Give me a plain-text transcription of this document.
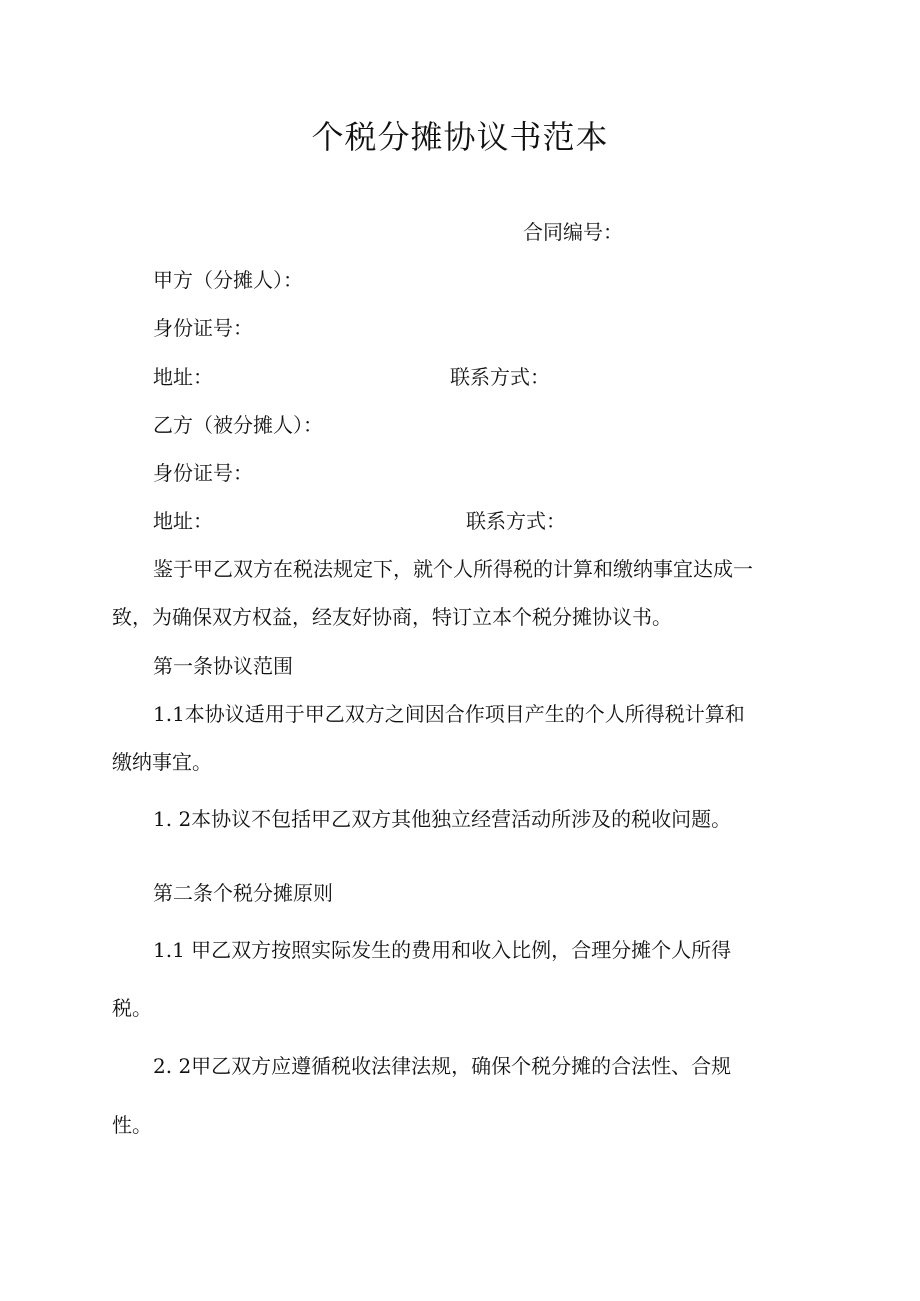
个税分摊协议书范本

合同编号：

甲方（分摊人）：

身份证号：

地址：	联系方式：

乙方（被分摊人）：

身份证号：

地址：	联系方式：

鉴于甲乙双方在税法规定下，就个人所得税的计算和缴纳事宜达成一

致，为确保双方权益，经友好协商，特订立本个税分摊协议书。

第一条协议范围

1.1本协议适用于甲乙双方之间因合作项目产生的个人所得税计算和

缴纳事宜。

1. 2本协议不包括甲乙双方其他独立经营活动所涉及的税收问题。

第二条个税分摊原则

1.1 甲乙双方按照实际发生的费用和收入比例，合理分摊个人所得

税。

2. 2甲乙双方应遵循税收法律法规，确保个税分摊的合法性、合规

性。
